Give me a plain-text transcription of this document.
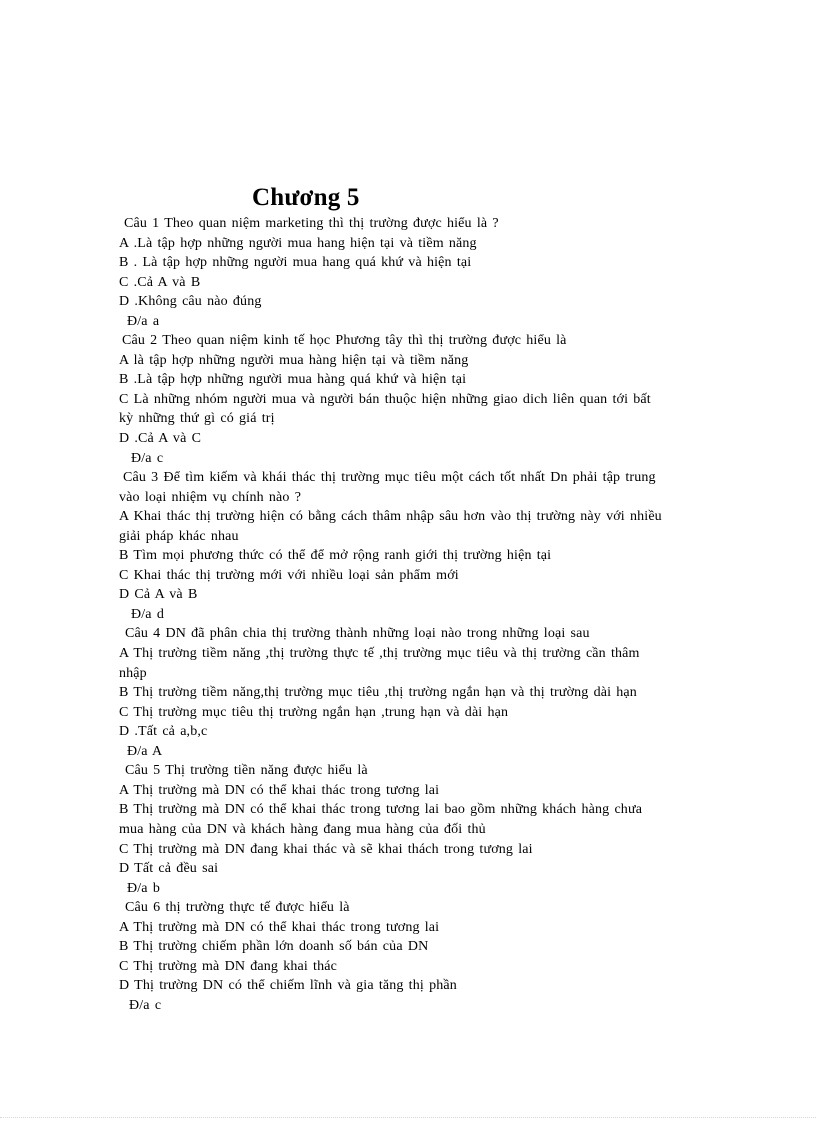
Chương 5
Câu 1 Theo quan niệm marketing thì thị trường được hiểu là ?
A .Là tập hợp những người mua hang hiện tại và tiềm năng
B . Là tập hợp những người mua hang quá khứ và hiện tại
C .Cả A và B
D .Không câu nào đúng
Đ/a a
Câu 2 Theo quan niệm kinh tế học Phương tây thì thị trường được hiểu là
A là tập hợp những người mua hàng hiện tại và tiềm năng
B .Là tập hợp những người mua hàng quá khứ và hiện tại
C Là những nhóm người mua và người bán thuộc hiện những giao dich liên quan tới bất
kỳ những thứ gì có giá trị
D .Cả A và C
Đ/a c
Câu 3 Để tìm kiếm và khái thác thị trường mục tiêu một cách tốt nhất Dn phải tập trung
vào loại nhiệm vụ chính nào ?
A Khai thác thị trường hiện có bằng cách thâm nhập sâu hơn vào thị trường này với nhiều
giải pháp khác nhau
B Tìm mọi phương thức có thể để mở rộng ranh giới thị trường hiện tại
C Khai thác thị trường mới với nhiều loại sản phẩm mới
D Cả A và B
Đ/a d
Câu 4 DN đã phân chia thị trường thành những loại nào trong những loại sau
A Thị trường tiềm năng ,thị trường thực tế ,thị trường mục tiêu và thị trường cần thâm
nhập
B Thị trường tiềm năng,thị trường mục tiêu ,thị trường ngắn hạn và thị trường dài hạn
C Thị trường mục tiêu thị trường ngắn hạn ,trung hạn và dài hạn
D .Tất cả a,b,c
Đ/a A
Câu 5 Thị trường tiền năng được hiểu là
A Thị trường mà DN có thể khai thác trong tương lai
B Thị trường mà DN có thể khai thác trong tương lai bao gồm những khách hàng chưa
mua hàng của DN và khách hàng đang mua hàng của đối thủ
C Thị trường mà DN đang khai thác và sẽ khai thách trong tương lai
D Tất cả đều sai
Đ/a b
Câu 6 thị trường thực tế được hiểu là
A Thị trường mà DN có thể khai thác trong tương lai
B Thị trường chiếm phần lớn doanh số bán của DN
C Thị trường mà DN đang khai thác
D Thị trường DN có thể chiếm lĩnh và gia tăng thị phần
Đ/a c
